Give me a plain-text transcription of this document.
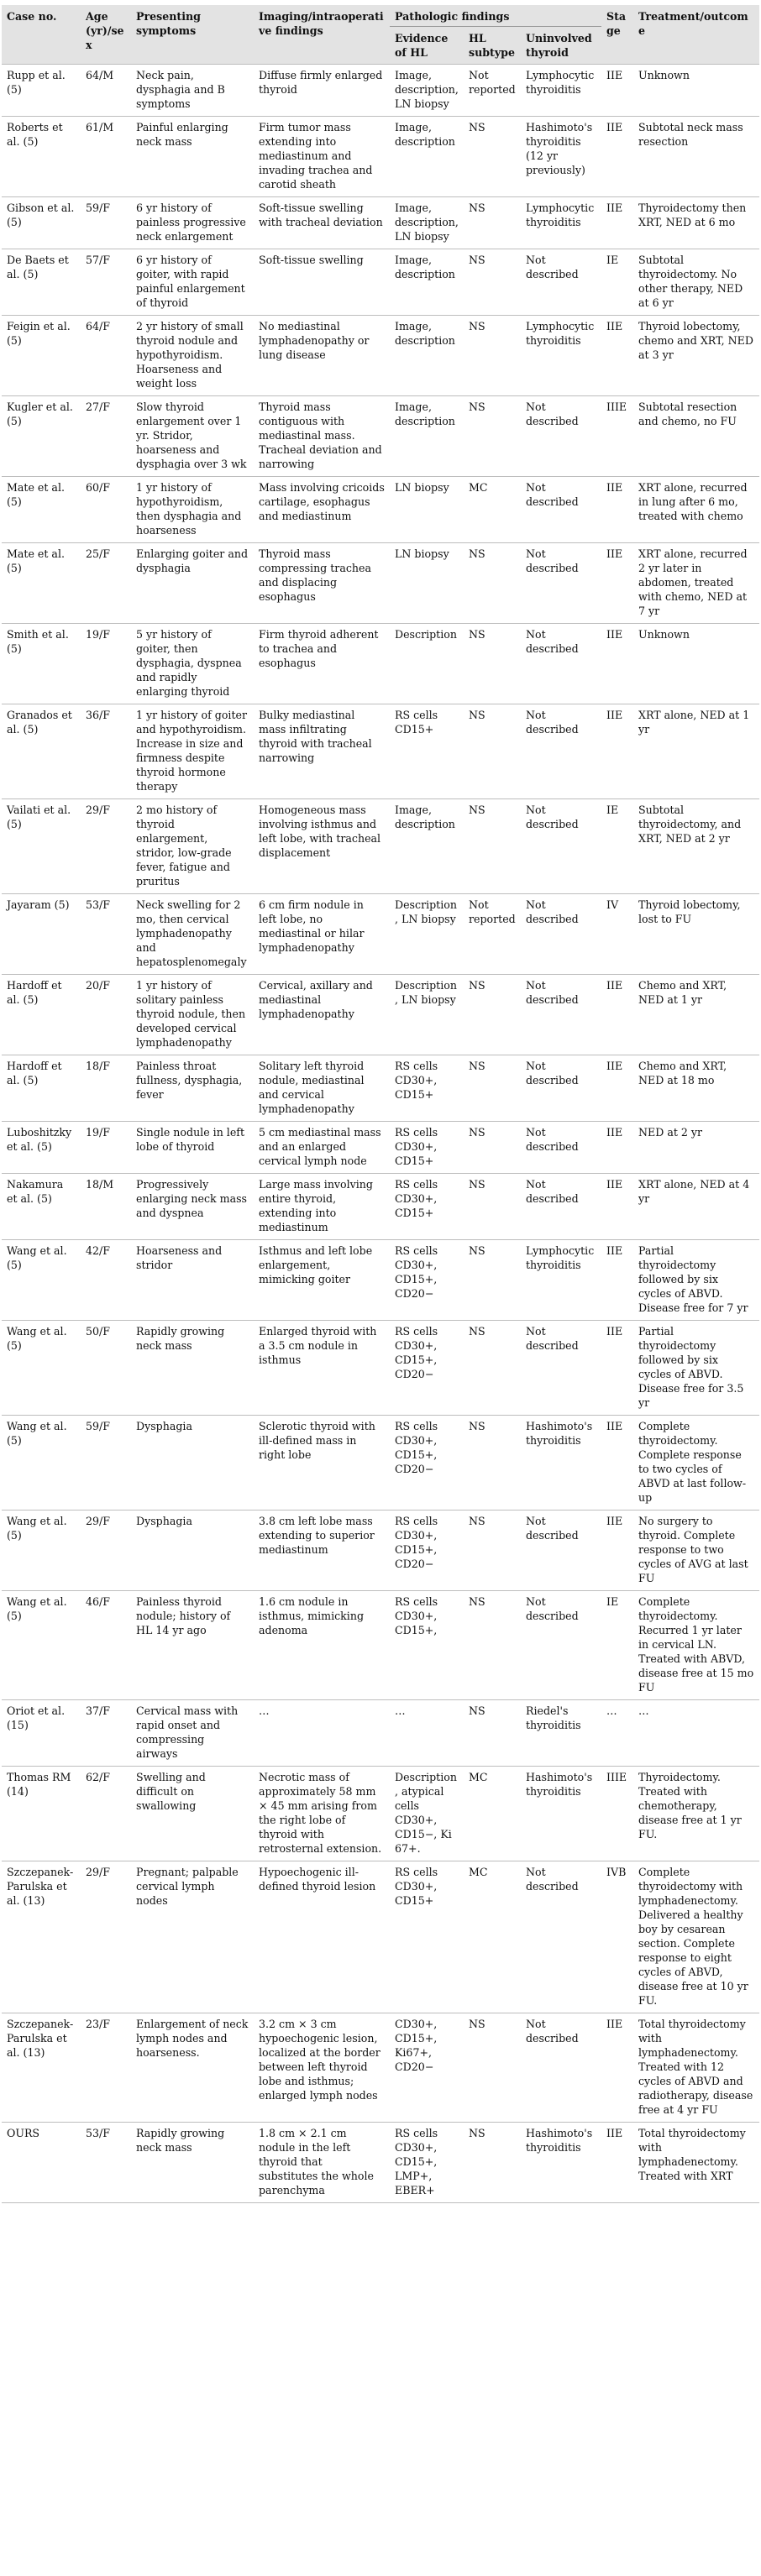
Case no.	Age (yr)/sex	Presenting symptoms	Imaging/intraoperative findings	Pathologic findings			Stage	Treatment/outcome
				Evidence of HL	HL subtype	Uninvolved thyroid		
Rupp et al. (5)	64/M	Neck pain, dysphagia and B symptoms	Diffuse firmly enlarged thyroid	Image, description, LN biopsy	Not reported	Lymphocytic thyroiditis	IIE	Unknown
Roberts et al. (5)	61/M	Painful enlarging neck mass	Firm tumor mass extending into mediastinum and invading trachea and carotid sheath	Image, description	NS	Hashimoto's thyroiditis (12 yr previously)	IIE	Subtotal neck mass resection
Gibson et al. (5)	59/F	6 yr history of painless progressive neck enlargement	Soft-tissue swelling with tracheal deviation	Image, description, LN biopsy	NS	Lymphocytic thyroiditis	IIE	Thyroidectomy then XRT, NED at 6 mo
De Baets et al. (5)	57/F	6 yr history of goiter, with rapid painful enlargement of thyroid	Soft-tissue swelling	Image, description	NS	Not described	IE	Subtotal thyroidectomy. No other therapy, NED at 6 yr
Feigin et al. (5)	64/F	2 yr history of small thyroid nodule and hypothyroidism. Hoarseness and weight loss	No mediastinal lymphadenopathy or lung disease	Image, description	NS	Lymphocytic thyroiditis	IIE	Thyroid lobectomy, chemo and XRT, NED at 3 yr
Kugler et al. (5)	27/F	Slow thyroid enlargement over 1 yr. Stridor, hoarseness and dysphagia over 3 wk	Thyroid mass contiguous with mediastinal mass. Tracheal deviation and narrowing	Image, description	NS	Not described	IIIE	Subtotal resection and chemo, no FU
Mate et al. (5)	60/F	1 yr history of hypothyroidism, then dysphagia and hoarseness	Mass involving cricoids cartilage, esophagus and mediastinum	LN biopsy	MC	Not described	IIE	XRT alone, recurred in lung after 6 mo, treated with chemo
Mate et al. (5)	25/F	Enlarging goiter and dysphagia	Thyroid mass compressing trachea and displacing esophagus	LN biopsy	NS	Not described	IIE	XRT alone, recurred 2 yr later in abdomen, treated with chemo, NED at 7 yr
Smith et al. (5)	19/F	5 yr history of goiter, then dysphagia, dyspnea and rapidly enlarging thyroid	Firm thyroid adherent to trachea and esophagus	Description	NS	Not described	IIE	Unknown
Granados et al. (5)	36/F	1 yr history of goiter and hypothyroidism. Increase in size and firmness despite thyroid hormone therapy	Bulky mediastinal mass infiltrating thyroid with tracheal narrowing	RS cells CD15+	NS	Not described	IIE	XRT alone, NED at 1 yr
Vailati et al. (5)	29/F	2 mo history of thyroid enlargement, stridor, low-grade fever, fatigue and pruritus	Homogeneous mass involving isthmus and left lobe, with tracheal displacement	Image, description	NS	Not described	IE	Subtotal thyroidectomy, and XRT, NED at 2 yr
Jayaram (5)	53/F	Neck swelling for 2 mo, then cervical lymphadenopathy and hepatosplenomegaly	6 cm firm nodule in left lobe, no mediastinal or hilar lymphadenopathy	Description, LN biopsy	Not reported	Not described	IV	Thyroid lobectomy, lost to FU
Hardoff et al. (5)	20/F	1 yr history of solitary painless thyroid nodule, then developed cervical lymphadenopathy	Cervical, axillary and mediastinal lymphadenopathy	Description, LN biopsy	NS	Not described	IIE	Chemo and XRT, NED at 1 yr
Hardoff et al. (5)	18/F	Painless throat fullness, dysphagia, fever	Solitary left thyroid nodule, mediastinal and cervical lymphadenopathy	RS cells CD30+, CD15+	NS	Not described	IIE	Chemo and XRT, NED at 18 mo
Luboshitzky et al. (5)	19/F	Single nodule in left lobe of thyroid	5 cm mediastinal mass and an enlarged cervical lymph node	RS cells CD30+, CD15+	NS	Not described	IIE	NED at 2 yr
Nakamura et al. (5)	18/M	Progressively enlarging neck mass and dyspnea	Large mass involving entire thyroid, extending into mediastinum	RS cells CD30+, CD15+	NS	Not described	IIE	XRT alone, NED at 4 yr
Wang et al. (5)	42/F	Hoarseness and stridor	Isthmus and left lobe enlargement, mimicking goiter	RS cells CD30+, CD15+, CD20−	NS	Lymphocytic thyroiditis	IIE	Partial thyroidectomy followed by six cycles of ABVD. Disease free for 7 yr
Wang et al. (5)	50/F	Rapidly growing neck mass	Enlarged thyroid with a 3.5 cm nodule in isthmus	RS cells CD30+, CD15+, CD20−	NS	Not described	IIE	Partial thyroidectomy followed by six cycles of ABVD. Disease free for 3.5 yr
Wang et al. (5)	59/F	Dysphagia	Sclerotic thyroid with ill-defined mass in right lobe	RS cells CD30+, CD15+, CD20−	NS	Hashimoto's thyroiditis	IIE	Complete thyroidectomy. Complete response to two cycles of ABVD at last follow-up
Wang et al. (5)	29/F	Dysphagia	3.8 cm left lobe mass extending to superior mediastinum	RS cells CD30+, CD15+, CD20−	NS	Not described	IIE	No surgery to thyroid. Complete response to two cycles of AVG at last FU
Wang et al. (5)	46/F	Painless thyroid nodule; history of HL 14 yr ago	1.6 cm nodule in isthmus, mimicking adenoma	RS cells CD30+, CD15+,	NS	Not described	IE	Complete thyroidectomy. Recurred 1 yr later in cervical LN. Treated with ABVD, disease free at 15 mo FU
Oriot et al. (15)	37/F	Cervical mass with rapid onset and compressing airways	…	…	NS	Riedel's thyroiditis	…	…
Thomas RM (14)	62/F	Swelling and difficult on swallowing	Necrotic mass of approximately 58 mm × 45 mm arising from the right lobe of thyroid with retrosternal extension.	Description, atypical cells CD30+, CD15−, Ki 67+.	MC	Hashimoto's thyroiditis	IIIE	Thyroidectomy. Treated with chemotherapy, disease free at 1 yr FU.
Szczepanek-Parulska et al. (13)	29/F	Pregnant; palpable cervical lymph nodes	Hypoechogenic ill-defined thyroid lesion	RS cells CD30+, CD15+	MC	Not described	IVB	Complete thyroidectomy with lymphadenectomy. Delivered a healthy boy by cesarean section. Complete response to eight cycles of ABVD, disease free at 10 yr FU.
Szczepanek-Parulska et al. (13)	23/F	Enlargement of neck lymph nodes and hoarseness.	3.2 cm × 3 cm hypoechogenic lesion, localized at the border between left thyroid lobe and isthmus; enlarged lymph nodes	CD30+, CD15+, Ki67+, CD20−	NS	Not described	IIE	Total thyroidectomy with lymphadenectomy. Treated with 12 cycles of ABVD and radiotherapy, disease free at 4 yr FU
OURS	53/F	Rapidly growing neck mass	1.8 cm × 2.1 cm nodule in the left thyroid that substitutes the whole parenchyma	RS cells CD30+, CD15+, LMP+, EBER+	NS	Hashimoto's thyroiditis	IIE	Total thyroidectomy with lymphadenectomy. Treated with XRT
